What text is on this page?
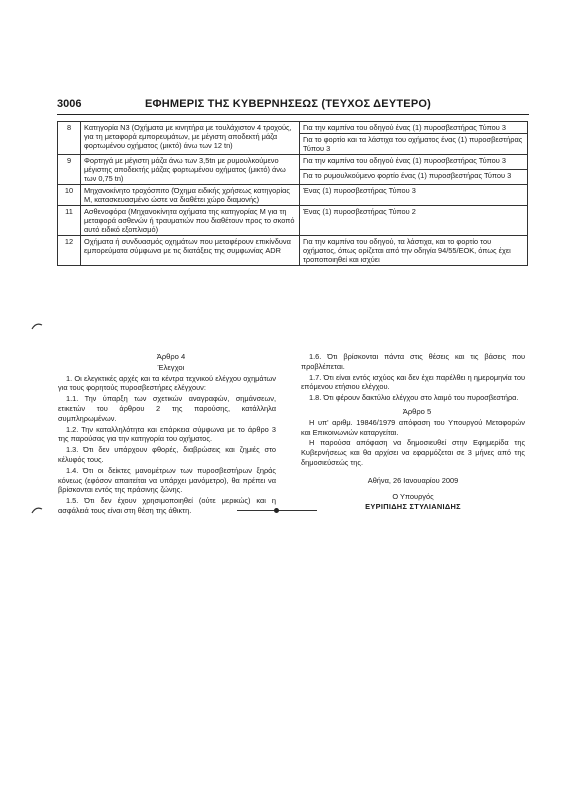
3006	ΕΦΗΜΕΡΙΣ ΤΗΣ ΚΥΒΕΡΝΗΣΕΩΣ (ΤΕΥΧΟΣ ΔΕΥΤΕΡΟ)
8	Κατηγορία N3 (Οχήματα με κινητήρα με τουλάχιστον 4 τροχούς, για τη μεταφορά εμπορευμάτων, με μέγιστη αποδεκτή μάζα φορτωμένου οχήματος (μικτό) άνω των 12 tn)	Για την καμπίνα του οδηγού ένας (1) πυροσβεστήρας Τύπου 3
		Για το φορτίο και τα λάστιχα του οχήματος ένας (1) πυροσβεστήρας Τύπου 3
9	Φορτηγά με μέγιστη μάζα άνω των 3,5tn με ρυμουλκούμενο μέγιστης αποδεκτής μάζας φορτωμένου οχήματος (μικτό) άνω των 0,75 tn)	Για την καμπίνα του οδηγού ένας (1) πυροσβεστήρας Τύπου 3
		Για το ρυμουλκούμενο φορτίο ένας (1) πυροσβεστήρας Τύπου 3
10	Μηχανοκίνητο τροχόσπιτο (Όχημα ειδικής χρήσεως κατηγορίας M, κατασκευασμένο ώστε να διαθέτει χώρο διαμονής)	Ένας (1) πυροσβεστήρας Τύπου 3
11	Ασθενοφόρα (Μηχανοκίνητα οχήματα της κατηγορίας M για τη μεταφορά ασθενών ή τραυματιών που διαθέτουν προς το σκοπό αυτό ειδικό εξοπλισμό)	Ένας (1) πυροσβεστήρας Τύπου 2
12	Οχήματα ή συνδυασμός οχημάτων που μεταφέρουν επικίνδυνα εμπορεύματα σύμφωνα με τις διατάξεις της συμφωνίας ADR	Για την καμπίνα του οδηγού, τα λάστιχα, και το φορτίο του οχήματος, όπως ορίζεται από την οδηγία 94/55/ΕΟΚ, όπως έχει τροποποιηθεί και ισχύει

Άρθρο 4

Έλεγχοι

1. Οι ελεγκτικές αρχές και τα κέντρα τεχνικού ελέγχου οχημάτων για τους φορητούς πυροσβεστήρες ελέγχουν:

1.1. Την ύπαρξη των σχετικών αναγραφών, σημάνσεων, ετικετών του άρθρου 2 της παρούσης, κατάλληλα συμπληρωμένων.

1.2. Την καταλληλότητα και επάρκεια σύμφωνα με το άρθρο 3 της παρούσας για την κατηγορία του οχήματος.

1.3. Ότι δεν υπάρχουν φθορές, διαβρώσεις και ζημιές στο κέλυφός τους.

1.4. Ότι οι δείκτες μανομέτρων των πυροσβεστήρων ξηράς κόνεως (εφόσον απαιτείται να υπάρχει μανόμετρο), θα πρέπει να βρίσκονται εντός της πράσινης ζώνης.

1.5. Ότι δεν έχουν χρησιμοποιηθεί (ούτε μερικώς) και η ασφάλειά τους είναι στη θέση της άθικτη.

1.6. Ότι βρίσκονται πάντα στις θέσεις και τις βάσεις που προβλέπεται.

1.7. Ότι είναι εντός ισχύος και δεν έχει παρέλθει η ημερομηνία του επόμενου ετήσιου ελέγχου.

1.8. Ότι φέρουν δακτύλιο ελέγχου στο λαιμό του πυροσβεστήρα.

Άρθρο 5

Η υπ' αριθμ. 19846/1979 απόφαση του Υπουργού Μεταφορών και Επικοινωνιών καταργείται.

Η παρούσα απόφαση να δημοσιευθεί στην Εφημερίδα της Κυβερνήσεως και θα αρχίσει να εφαρμόζεται σε 3 μήνες από της δημοσιεύσεώς της.

Αθήνα, 26 Ιανουαρίου 2009

Ο Υπουργός

ΕΥΡΙΠΙΔΗΣ ΣΤΥΛΙΑΝΙΔΗΣ
